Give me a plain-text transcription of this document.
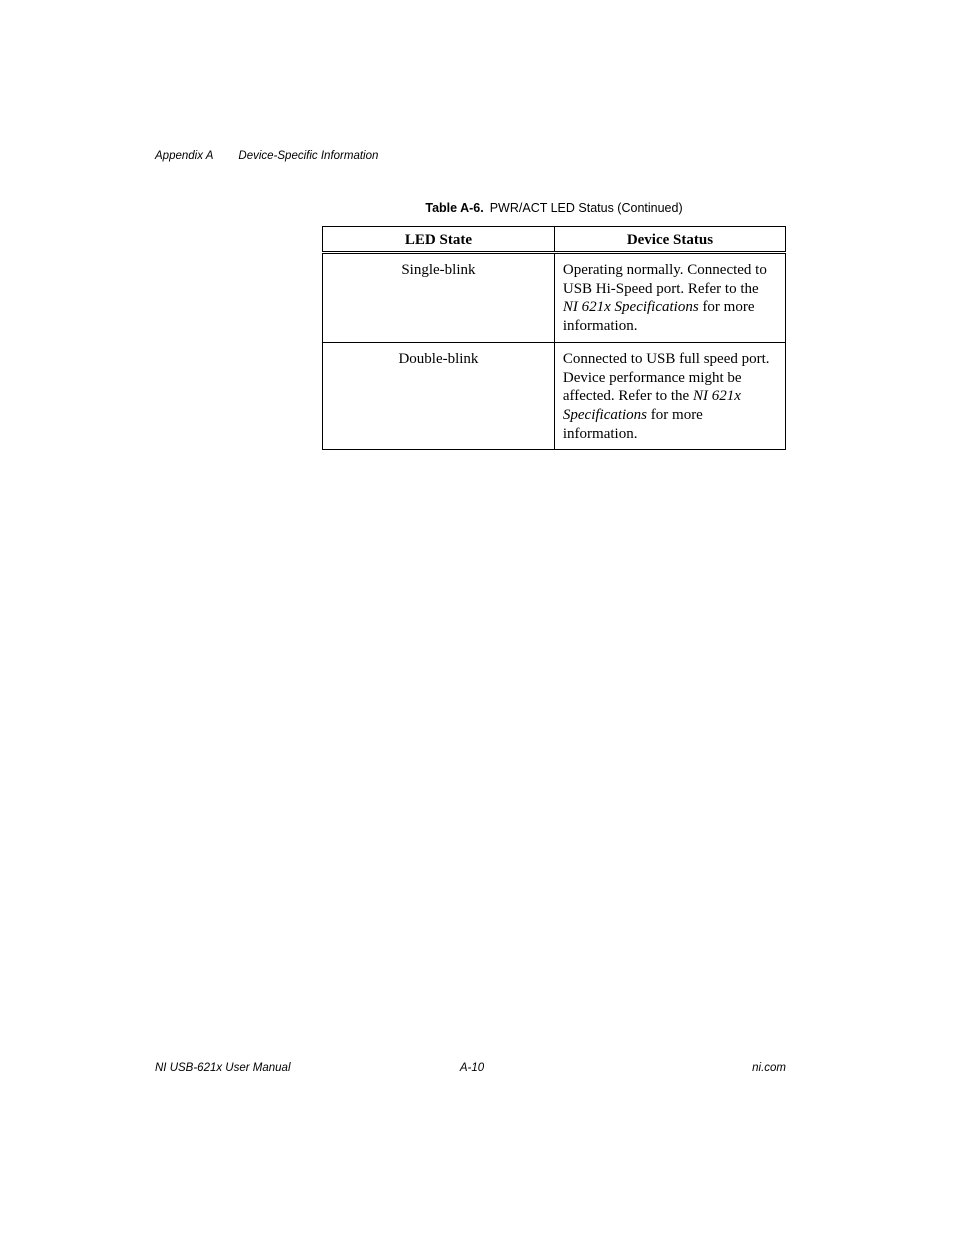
Appendix A Device-Specific Information
Table A-6. PWR/ACT LED Status (Continued)
LED State	Device Status
Single-blink	Operating normally. Connected to USB Hi-Speed port. Refer to the NI 621x Specifications for more information.
Double-blink	Connected to USB full speed port. Device performance might be affected. Refer to the NI 621x Specifications for more information.
NI USB-621x User Manual	A-10	ni.com
